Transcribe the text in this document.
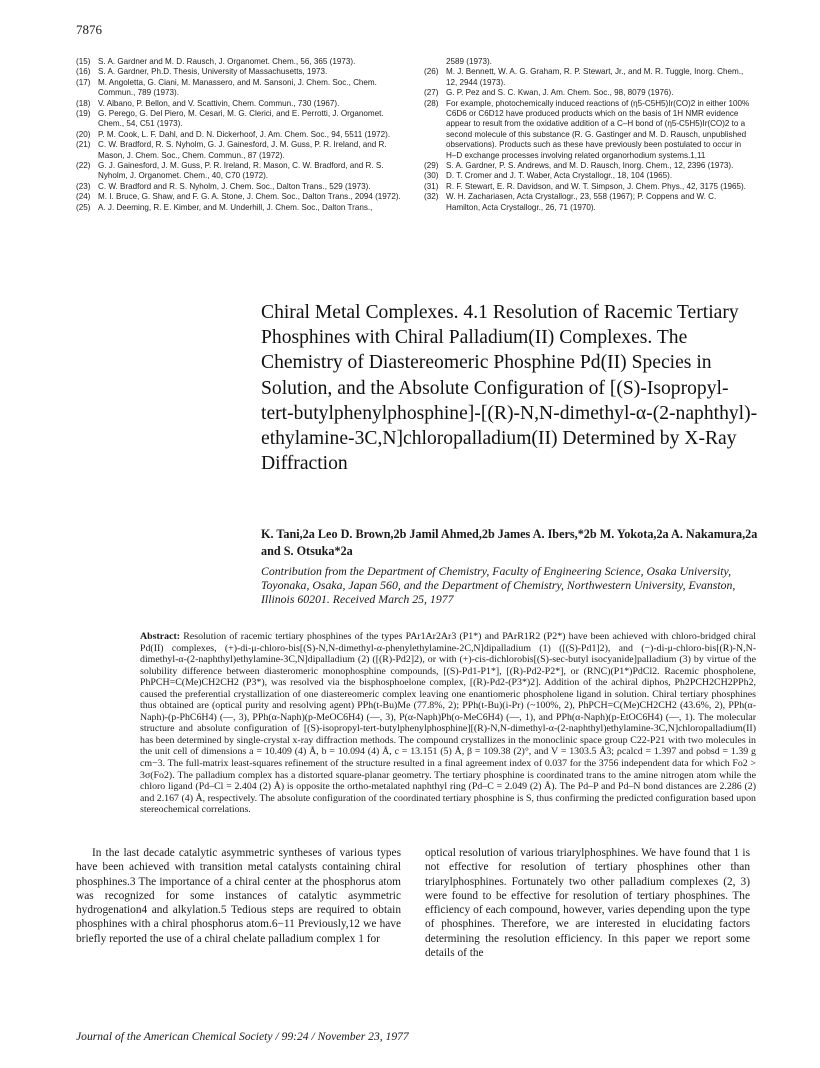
7876
(15) S. A. Gardner and M. D. Rausch, J. Organomet. Chem., 56, 365 (1973).
(16) S. A. Gardner, Ph.D. Thesis, University of Massachusetts, 1973.
(17) M. Angoletta, G. Ciani, M. Manassero, and M. Sansoni, J. Chem. Soc., Chem. Commun., 789 (1973).
(18) V. Albano, P. Bellon, and V. Scattivin, Chem. Commun., 730 (1967).
(19) G. Perego, G. Del Piero, M. Cesari, M. G. Clerici, and E. Perrotti, J. Organomet. Chem., 54, C51 (1973).
(20) P. M. Cook, L. F. Dahl, and D. N. Dickerhoof, J. Am. Chem. Soc., 94, 5511 (1972).
(21) C. W. Bradford, R. S. Nyholm, G. J. Gainesford, J. M. Guss, P. R. Ireland, and R. Mason, J. Chem. Soc., Chem. Commun., 87 (1972).
(22) G. J. Gainesford, J. M. Guss, P. R. Ireland, R. Mason, C. W. Bradford, and R. S. Nyholm, J. Organomet. Chem., 40, C70 (1972).
(23) C. W. Bradford and R. S. Nyholm, J. Chem. Soc., Dalton Trans., 529 (1973).
(24) M. I. Bruce, G. Shaw, and F. G. A. Stone, J. Chem. Soc., Dalton Trans., 2094 (1972).
(25) A. J. Deeming, R. E. Kimber, and M. Underhill, J. Chem. Soc., Dalton Trans.,
2589 (1973).
(26) M. J. Bennett, W. A. G. Graham, R. P. Stewart, Jr., and M. R. Tuggle, Inorg. Chem., 12, 2944 (1973).
(27) G. P. Pez and S. C. Kwan, J. Am. Chem. Soc., 98, 8079 (1976).
(28) For example, photochemically induced reactions of (η5-C5H5)Ir(CO)2 in either 100% C6D6 or C6D12 have produced products which on the basis of 1H NMR evidence appear to result from the oxidative addition of a C–H bond of (η5-C5H5)Ir(CO)2 to a second molecule of this substance (R. G. Gastinger and M. D. Rausch, unpublished observations). Products such as these have previously been postulated to occur in H–D exchange processes involving related organorhodium systems.1,11
(29) S. A. Gardner, P. S. Andrews, and M. D. Rausch, Inorg. Chem., 12, 2396 (1973).
(30) D. T. Cromer and J. T. Waber, Acta Crystallogr., 18, 104 (1965).
(31) R. F. Stewart, E. R. Davidson, and W. T. Simpson, J. Chem. Phys., 42, 3175 (1965).
(32) W. H. Zachariasen, Acta Crystallogr., 23, 558 (1967); P. Coppens and W. C. Hamilton, Acta Crystallogr., 26, 71 (1970).
Chiral Metal Complexes. 4.1 Resolution of Racemic Tertiary Phosphines with Chiral Palladium(II) Complexes. The Chemistry of Diastereomeric Phosphine Pd(II) Species in Solution, and the Absolute Configuration of [(S)-Isopropyl-tert-butylphenylphosphine]-[(R)-N,N-dimethyl-α-(2-naphthyl)-ethylamine-3C,N]chloropalladium(II) Determined by X-Ray Diffraction
K. Tani,2a Leo D. Brown,2b Jamil Ahmed,2b James A. Ibers,*2b M. Yokota,2a A. Nakamura,2a and S. Otsuka*2a
Contribution from the Department of Chemistry, Faculty of Engineering Science, Osaka University, Toyonaka, Osaka, Japan 560, and the Department of Chemistry, Northwestern University, Evanston, Illinois 60201. Received March 25, 1977
Abstract: Resolution of racemic tertiary phosphines of the types PAr1Ar2Ar3 (P1*) and PArR1R2 (P2*) have been achieved with chloro-bridged chiral Pd(II) complexes, (+)-di-μ-chloro-bis[(S)-N,N-dimethyl-α-phenylethylamine-2C,N]dipalladium (1) ([(S)-Pd1]2), and (−)-di-μ-chloro-bis[(R)-N,N-dimethyl-α-(2-naphthyl)ethylamine-3C,N]dipalladium (2) ([(R)-Pd2]2), or with (+)-cis-dichlorobis[(S)-sec-butyl isocyanide]palladium (3) by virtue of the solubility difference between diasteromeric monophosphine compounds, [(S)-Pd1-P1*], [(R)-Pd2-P2*], or (RNC)(P1*)PdCl2. Racemic phospholene, PhPCH=C(Me)CH2CH2 (P3*), was resolved via the bisphosphoelone complex, [(R)-Pd2-(P3*)2]. Addition of the achiral diphos, Ph2PCH2CH2PPh2, caused the preferential crystallization of one diastereomeric complex leaving one enantiomeric phospholene ligand in solution. Chiral tertiary phosphines thus obtained are (optical purity and resolving agent) PPh(t-Bu)Me (77.8%, 2); PPh(t-Bu)(i-Pr) (~100%, 2), PhPCH=C(Me)CH2CH2 (43.6%, 2), PPh(α-Naph)-(p-PhC6H4) (—, 3), PPh(α-Naph)(p-MeOC6H4) (—, 3), P(α-Naph)Ph(o-MeC6H4) (—, 1), and PPh(α-Naph)(p-EtOC6H4) (—, 1). The molecular structure and absolute configuration of [(S)-isopropyl-tert-butylphenylphosphine][(R)-N,N-dimethyl-α-(2-naphthyl)ethylamine-3C,N]chloropalladium(II) has been determined by single-crystal x-ray diffraction methods. The compound crystallizes in the monoclinic space group C22-P21 with two molecules in the unit cell of dimensions a = 10.409 (4) Å, b = 10.094 (4) Å, c = 13.151 (5) Å, β = 109.38 (2)°, and V = 1303.5 Å3; ρcalcd = 1.397 and ρobsd = 1.39 g cm−3. The full-matrix least-squares refinement of the structure resulted in a final agreement index of 0.037 for the 3756 independent data for which Fo2 > 3σ(Fo2). The palladium complex has a distorted square-planar geometry. The tertiary phosphine is coordinated trans to the amine nitrogen atom while the chloro ligand (Pd–Cl = 2.404 (2) Å) is opposite the ortho-metalated naphthyl ring (Pd–C = 2.049 (2) Å). The Pd–P and Pd–N bond distances are 2.286 (2) and 2.167 (4) Å, respectively. The absolute configuration of the coordinated tertiary phosphine is S, thus confirming the predicted configuration based upon stereochemical correlations.
In the last decade catalytic asymmetric syntheses of various types have been achieved with transition metal catalysts containing chiral phosphines.3 The importance of a chiral center at the phosphorus atom was recognized for some instances of catalytic asymmetric hydrogenation4 and alkylation.5 Tedious steps are required to obtain phosphines with a chiral phosphorus atom.6−11 Previously,12 we have briefly reported the use of a chiral chelate palladium complex 1 for
optical resolution of various triarylphosphines. We have found that 1 is not effective for resolution of tertiary phosphines other than triarylphosphines. Fortunately two other palladium complexes (2, 3) were found to be effective for resolution of tertiary phosphines. The efficiency of each compound, however, varies depending upon the type of phosphines. Therefore, we are interested in elucidating factors determining the resolution efficiency. In this paper we report some details of the
Journal of the American Chemical Society / 99:24 / November 23, 1977
